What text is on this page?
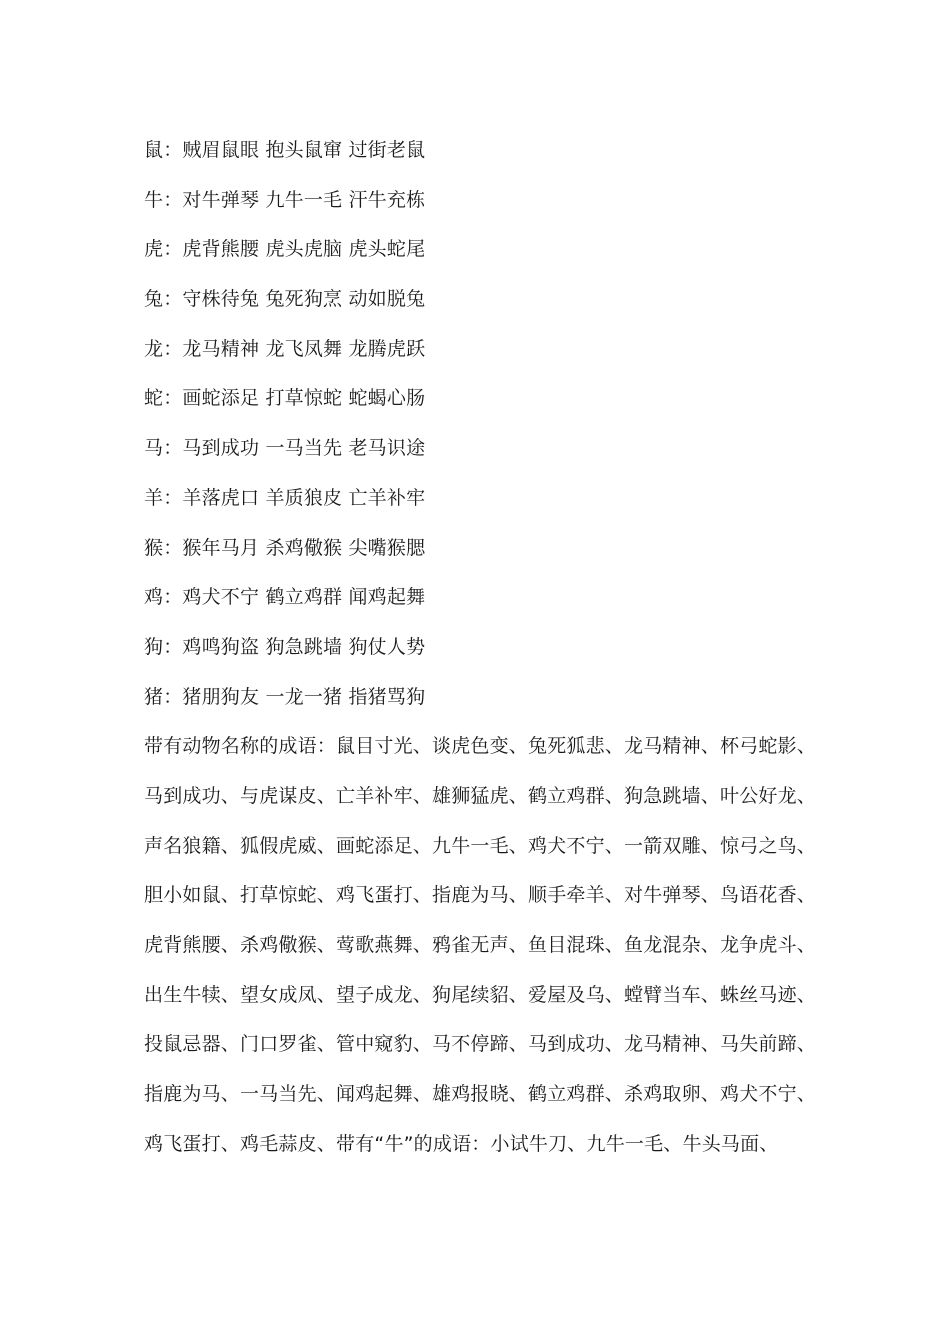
鼠：贼眉鼠眼 抱头鼠窜 过街老鼠
牛：对牛弹琴 九牛一毛 汗牛充栋
虎：虎背熊腰 虎头虎脑 虎头蛇尾
兔：守株待兔 兔死狗烹 动如脱兔
龙：龙马精神 龙飞凤舞 龙腾虎跃
蛇：画蛇添足 打草惊蛇 蛇蝎心肠
马：马到成功 一马当先 老马识途
羊：羊落虎口 羊质狼皮 亡羊补牢
猴：猴年马月 杀鸡儆猴 尖嘴猴腮
鸡：鸡犬不宁 鹤立鸡群 闻鸡起舞
狗：鸡鸣狗盗 狗急跳墙 狗仗人势
猪：猪朋狗友 一龙一猪 指猪骂狗
带有动物名称的成语：鼠目寸光、谈虎色变、兔死狐悲、龙马精神、杯弓蛇影、
马到成功、与虎谋皮、亡羊补牢、雄狮猛虎、鹤立鸡群、狗急跳墙、叶公好龙、
声名狼籍、狐假虎威、画蛇添足、九牛一毛、鸡犬不宁、一箭双雕、惊弓之鸟、
胆小如鼠、打草惊蛇、鸡飞蛋打、指鹿为马、顺手牵羊、对牛弹琴、鸟语花香、
虎背熊腰、杀鸡儆猴、莺歌燕舞、鸦雀无声、鱼目混珠、鱼龙混杂、龙争虎斗、
出生牛犊、望女成凤、望子成龙、狗尾续貂、爱屋及乌、螳臂当车、蛛丝马迹、
投鼠忌器、门口罗雀、管中窥豹、马不停蹄、马到成功、龙马精神、马失前蹄、
指鹿为马、一马当先、闻鸡起舞、雄鸡报晓、鹤立鸡群、杀鸡取卵、鸡犬不宁、
鸡飞蛋打、鸡毛蒜皮、带有“牛”的成语：小试牛刀、九牛一毛、牛头马面、
